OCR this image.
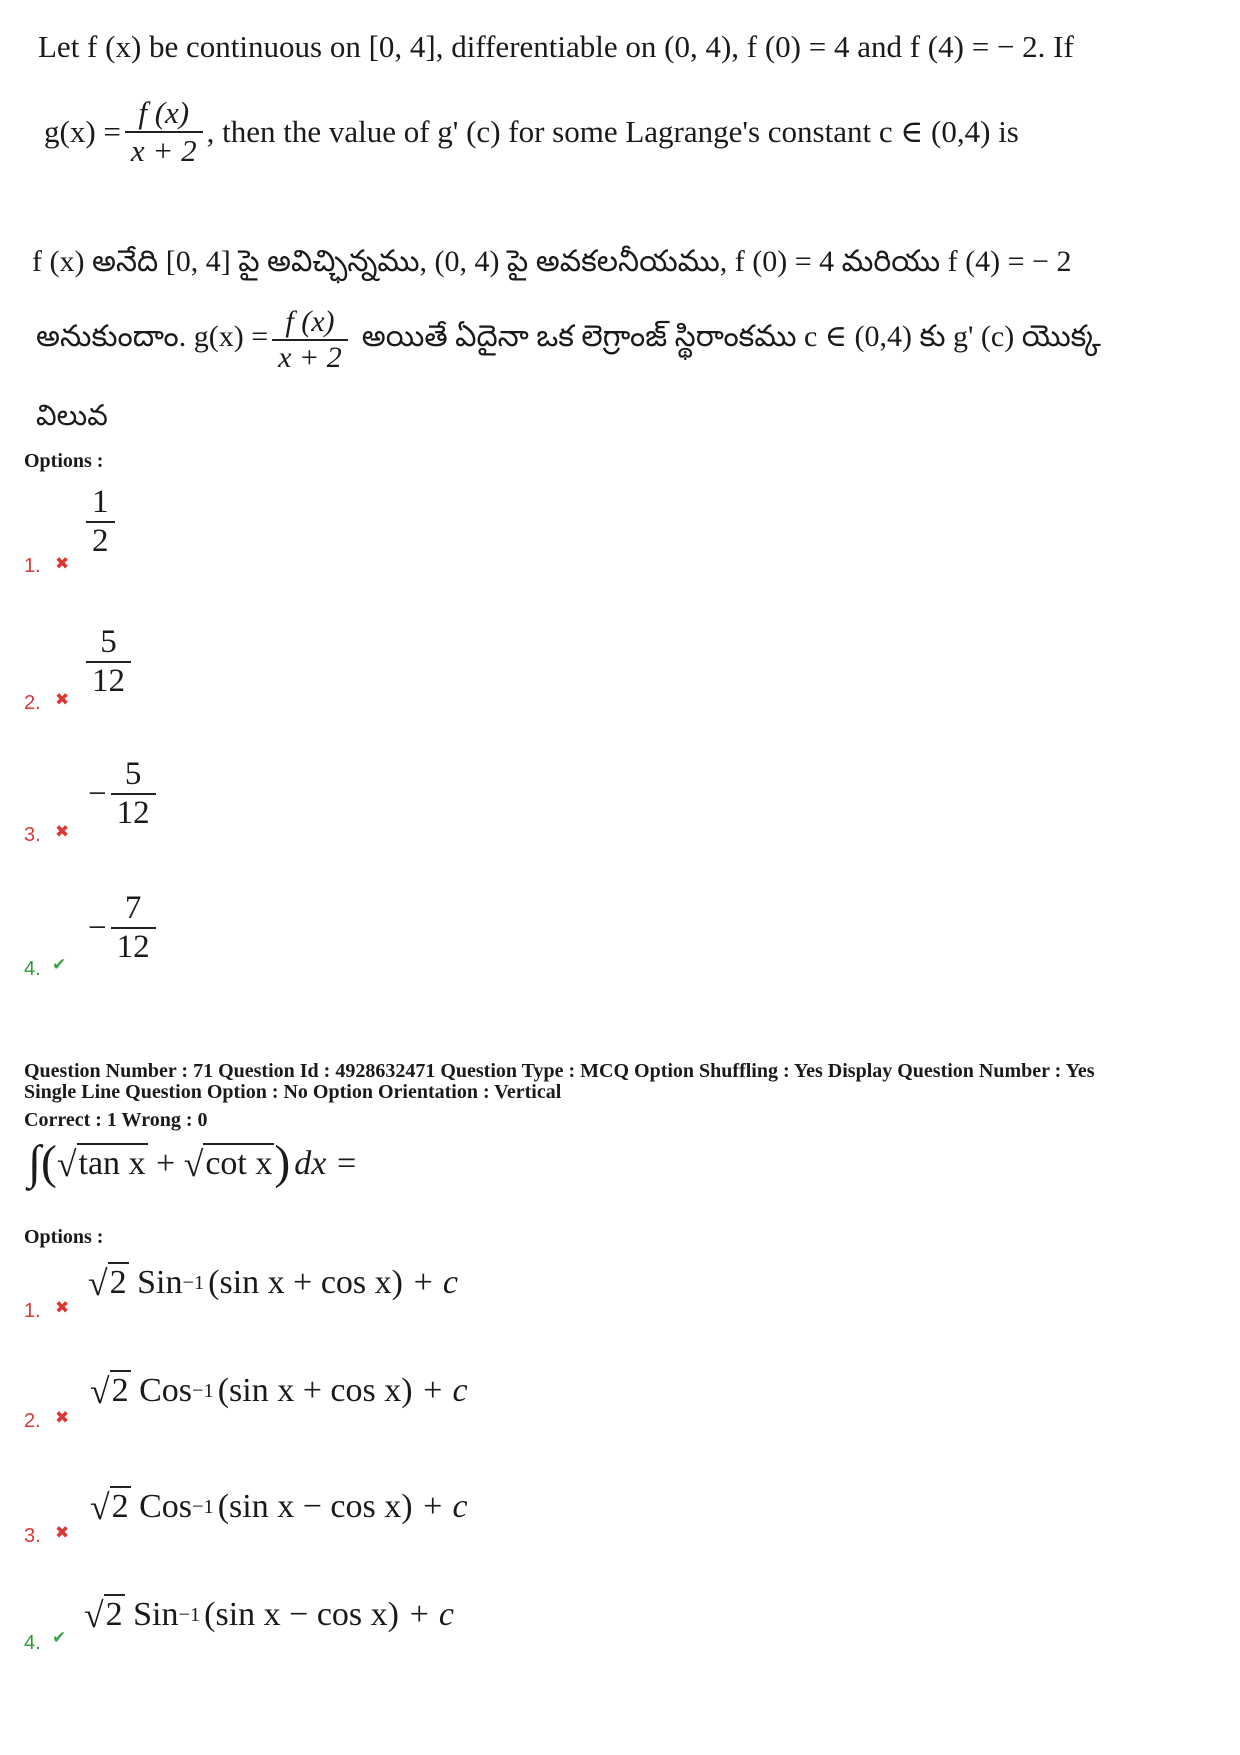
Let f (x) be continuous on [0, 4], differentiable on (0, 4), f (0) = 4 and f (4) = − 2. If
$g(x) = \frac{f (x)}{x + 2}$ , then the value of g' (c) for some Lagrange's constant c ∈ (0,4) is
f (x) అనేది [0, 4] పై అవిచ్ఛిన్నము, (0, 4) పై అవకలనీయము, f (0) = 4 మరియు f (4) = − 2
అనుకుందాం. $g(x) = \frac{f (x)}{x + 2}$ అయితే ఏదైనా ఒక లెగ్రాంజ్ స్థిరాంకము c ∈ (0,4) కు g' (c) యొక్క
విలువ
Options :
1. ✖
$\frac{1}{2}$
2. ✖ $\frac{5}{12}$
3. ✖
− $\frac{5}{12}$
4. ✔
− $\frac{7}{12}$
Question Number : 71 Question Id : 4928632471 Question Type : MCQ Option Shuffling : Yes Display Question Number : Yes
Single Line Question Option : No Option Orientation : Vertical
Correct : 1 Wrong : 0
∫ ( √ tan x + √ cot x ) dx =
Options :
1. ✖
√ 2 Sin −1 (sin x + cos x) + c
2. ✖
√ 2 Cos −1 (sin x + cos x) + c
3. ✖
√ 2 Cos −1 (sin x − cos x) + c
4. ✔
√ 2 Sin −1 (sin x − cos x) + c
